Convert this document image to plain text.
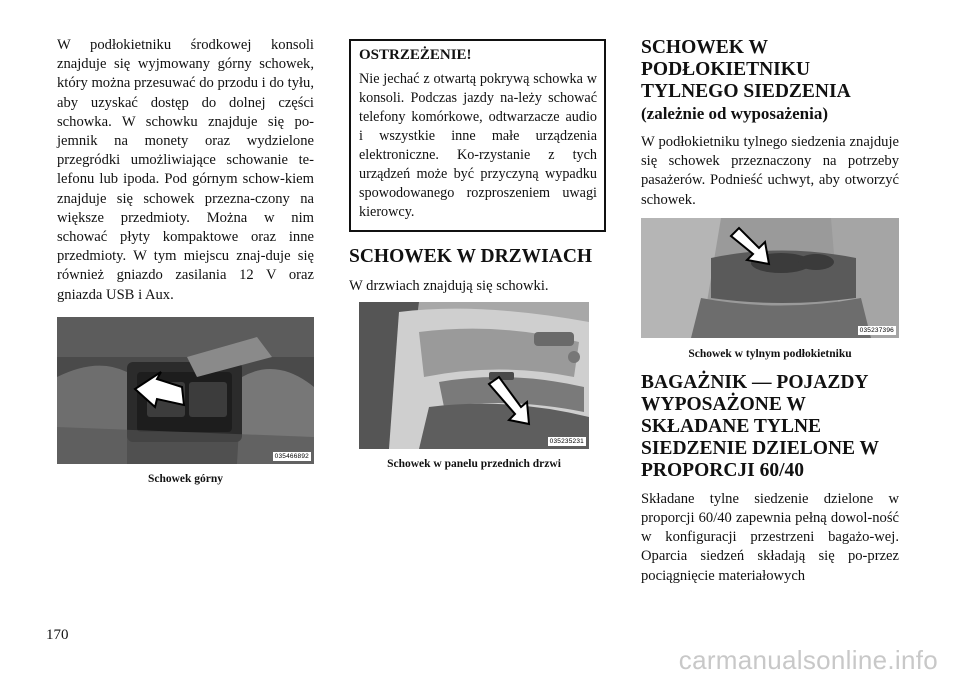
W podłokietniku środkowej konsoli znajduje się wyjmowany górny schowek, który można przesuwać do przodu i do tyłu, aby uzyskać dostęp do dolnej części schowka. W schowku znajduje się po-jemnik na monety oraz wydzielone przegródki umożliwiające schowanie te-lefonu lub ipoda. Pod górnym schow-kiem znajduje się schowek przezna-czony na większe przedmioty. Można w nim schować płyty kompaktowe oraz inne przedmioty. W tym miejscu znaj-duje się również gniazdo zasilania 12 V oraz gniazda USB i Aux.

035466892

Schowek górny

OSTRZEŻENIE!

Nie jechać z otwartą pokrywą schowka w konsoli. Podczas jazdy na-leży schować telefony komórkowe, odtwarzacze audio i wszystkie inne małe urządzenia elektroniczne. Ko-rzystanie z tych urządzeń może być przyczyną wypadku spowodowanego rozproszeniem uwagi kierowcy.

SCHOWEK W DRZWIACH

W drzwiach znajdują się schowki.

035235231

Schowek w panelu przednich drzwi

SCHOWEK W PODŁOKIETNIKU TYLNEGO SIEDZENIA

(zależnie od wyposażenia)

W podłokietniku tylnego siedzenia znajduje się schowek przeznaczony na potrzeby pasażerów. Podnieść uchwyt, aby otworzyć schowek.

035237396

Schowek w tylnym podłokietniku

BAGAŻNIK — POJAZDY WYPOSAŻONE W SKŁADANE TYLNE SIEDZENIE DZIELONE W PROPORCJI 60/40

Składane tylne siedzenie dzielone w proporcji 60/40 zapewnia pełną dowol-ność w konfiguracji przestrzeni bagażo-wej. Oparcia siedzeń składają się po-przez pociągnięcie materiałowych

170
carmanualsonline.info
